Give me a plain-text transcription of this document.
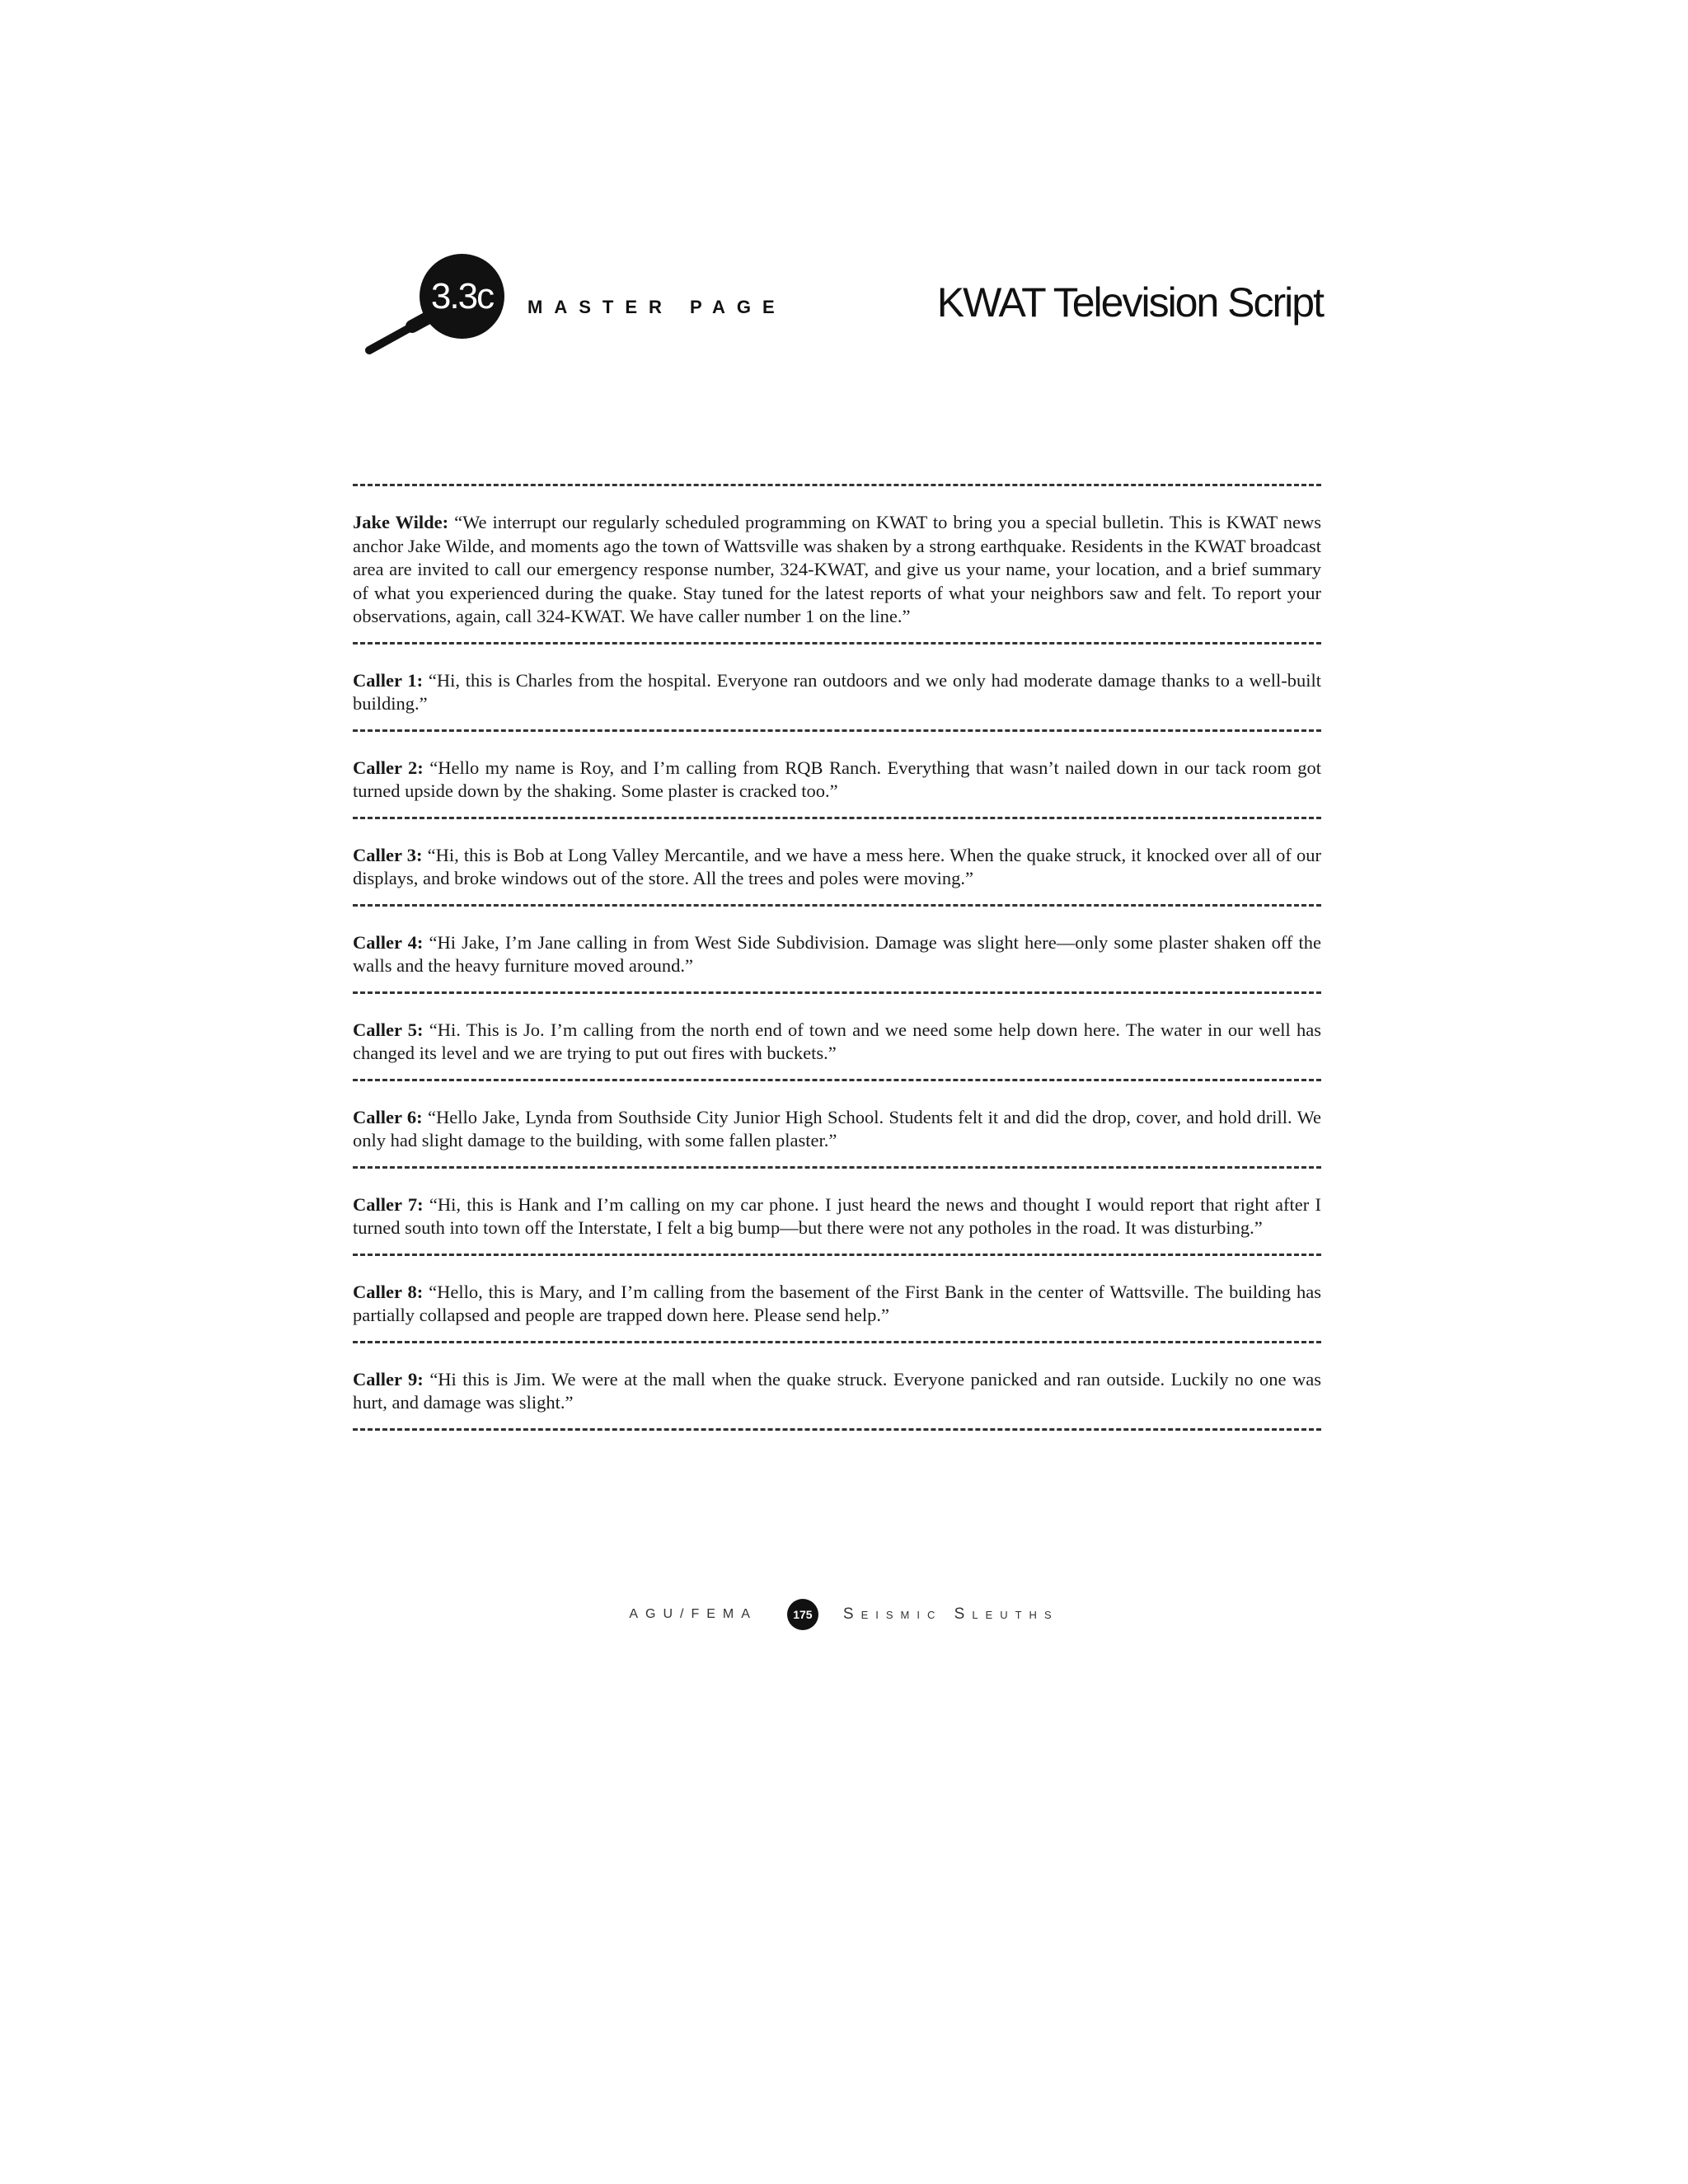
3.3c	MASTER PAGE	KWAT Television Script
Jake Wilde: “We interrupt our regularly scheduled programming on KWAT to bring you a special bulletin. This is KWAT news anchor Jake Wilde, and moments ago the town of Wattsville was shaken by a strong earthquake. Residents in the KWAT broadcast area are invited to call our emergency response number, 324-KWAT, and give us your name, your location, and a brief summary of what you experienced during the quake. Stay tuned for the latest reports of what your neighbors saw and felt. To report your observations, again, call 324-KWAT. We have caller number 1 on the line.”
Caller 1: “Hi, this is Charles from the hospital. Everyone ran outdoors and we only had moderate damage thanks to a well-built building.”
Caller 2: “Hello my name is Roy, and I’m calling from RQB Ranch. Everything that wasn’t nailed down in our tack room got turned upside down by the shaking. Some plaster is cracked too.”
Caller 3: “Hi, this is Bob at Long Valley Mercantile, and we have a mess here. When the quake struck, it knocked over all of our displays, and broke windows out of the store. All the trees and poles were moving.”
Caller 4: “Hi Jake, I’m Jane calling in from West Side Subdivision. Damage was slight here—only some plaster shaken off the walls and the heavy furniture moved around.”
Caller 5: “Hi. This is Jo. I’m calling from the north end of town and we need some help down here. The water in our well has changed its level and we are trying to put out fires with buckets.”
Caller 6: “Hello Jake, Lynda from Southside City Junior High School. Students felt it and did the drop, cover, and hold drill. We only had slight damage to the building, with some fallen plaster.”
Caller 7: “Hi, this is Hank and I’m calling on my car phone. I just heard the news and thought I would report that right after I turned south into town off the Interstate, I felt a big bump—but there were not any potholes in the road. It was disturbing.”
Caller 8: “Hello, this is Mary, and I’m calling from the basement of the First Bank in the center of Wattsville. The building has partially collapsed and people are trapped down here. Please send help.”
Caller 9: “Hi this is Jim. We were at the mall when the quake struck. Everyone panicked and ran outside. Luckily no one was hurt, and damage was slight.”
AGU/FEMA	175	Seismic Sleuths
